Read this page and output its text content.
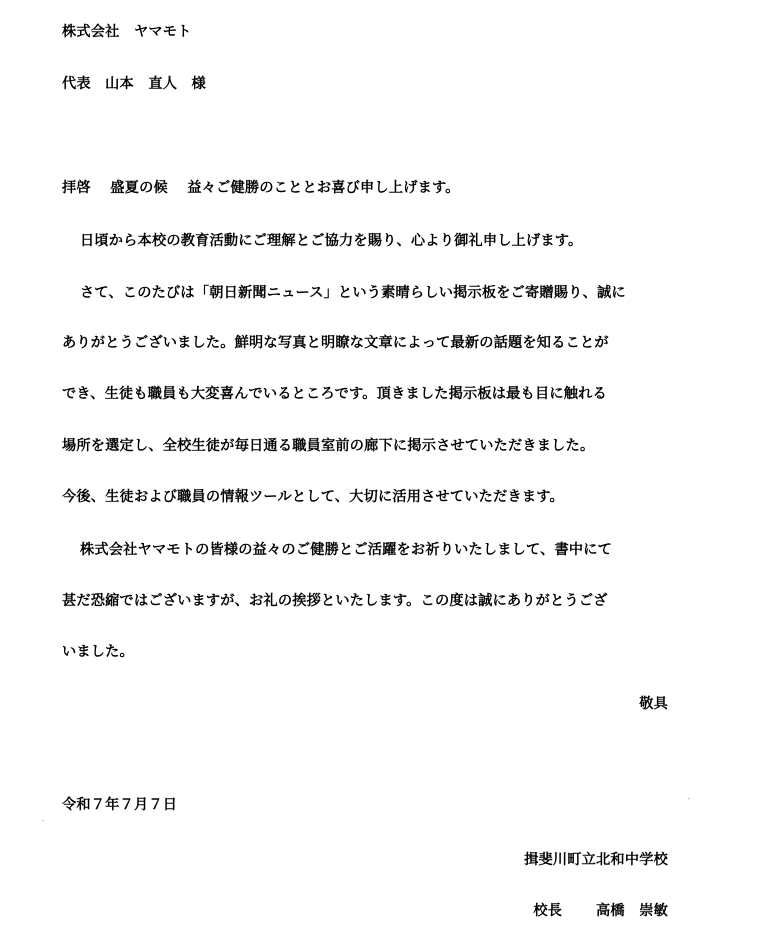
株式会社　ヤマモト
代表　山本　直人　様
拝啓　 盛夏の候　 益々ご健勝のこととお喜び申し上げます。
日頃から本校の教育活動にご理解とご協力を賜り、心より御礼申し上げます。
さて、このたびは「朝日新聞ニュース」という素晴らしい掲示板をご寄贈賜り、誠に
ありがとうございました。鮮明な写真と明瞭な文章によって最新の話題を知ることが
でき、生徒も職員も大変喜んでいるところです。頂きました掲示板は最も目に触れる
場所を選定し、全校生徒が毎日通る職員室前の廊下に掲示させていただきました。
今後、生徒および職員の情報ツールとして、大切に活用させていただきます。
株式会社ヤマモトの皆様の益々のご健勝とご活躍をお祈りいたしまして、書中にて
甚だ恐縮ではございますが、お礼の挨拶といたします。この度は誠にありがとうござ
いました。
敬具
令和７年７月７日
揖斐川町立北和中学校
校長　　 高橋　崇敏
